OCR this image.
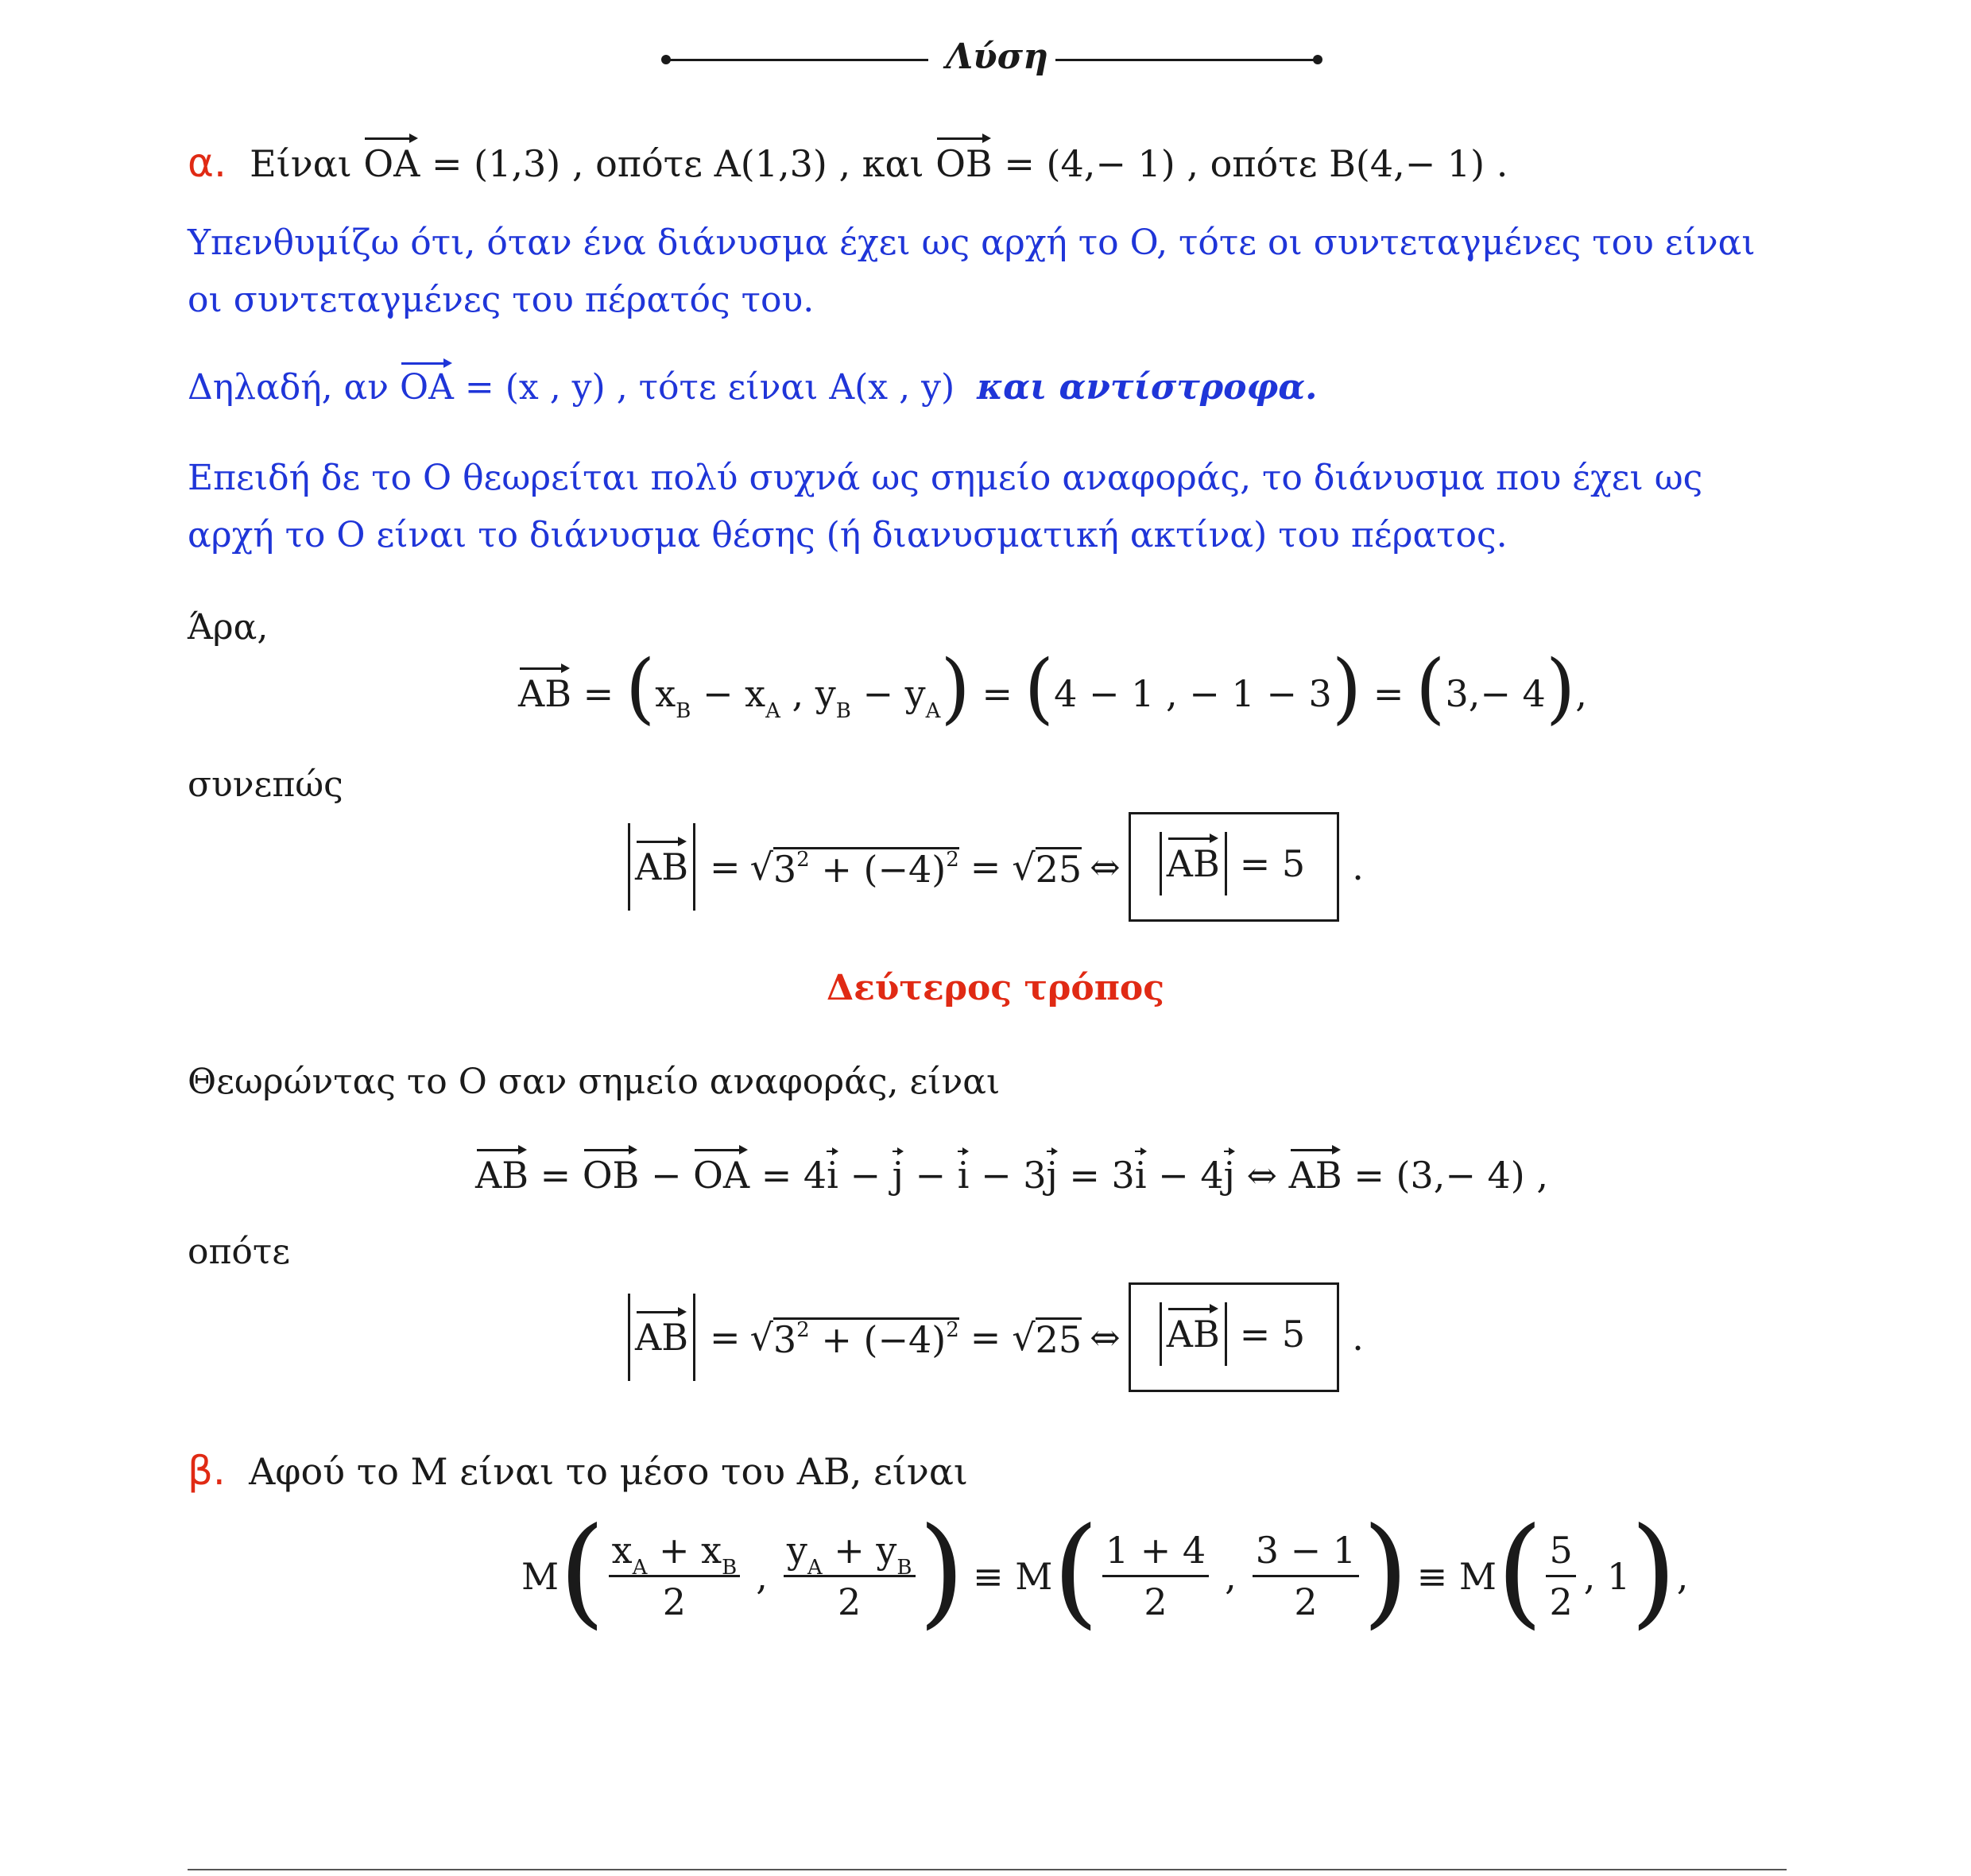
Λύση
α. Είναι OA = (1,3) , οπότε A(1,3) , και OB = (4,− 1) , οπότε B(4,− 1) .
Υπενθυμίζω ότι, όταν ένα διάνυσμα έχει ως αρχή το O, τότε οι συντεταγμένες του είναι
οι συντεταγμένες του πέρατός του.
Δηλαδή, αν OA = (x , y) , τότε είναι A(x , y) και αντίστροφα.
Επειδή δε το O θεωρείται πολύ συχνά ως σημείο αναφοράς, το διάνυσμα που έχει ως
αρχή το O είναι το διάνυσμα θέσης (ή διανυσματική ακτίνα) του πέρατος.
Άρα,
AB = ($x_B - x_A$ , $y_B - y_A) = (4 - 1$ , − 1 − 3) = (3,− 4),
συνεπώς
AB = √ $3^2 + (-4)^2$ = √ 25 ⇔ AB = 5 .
Δεύτερος τρόπος
Θεωρώντας το O σαν σημείο αναφοράς, είναι
AB = OB − OA = 4i − j − i − 3j = 3i − 4j ⇔ AB = (3,− 4) ,
οπότε
AB = √ $3^2 + (-4)^2$ = √ 25 ⇔ AB = 5 .
β. Αφού το M είναι το μέσο του AB, είναι
M ( $\frac{x_A + x_B}{2}$ , $\frac{y_A + y_B}{2}$ ) ≡ M ( $\frac{1 + 4}{2}$ , $\frac{3 - 1}{2}$ ) ≡ M ( $\frac{5}{2}$ , 1 ) ,
